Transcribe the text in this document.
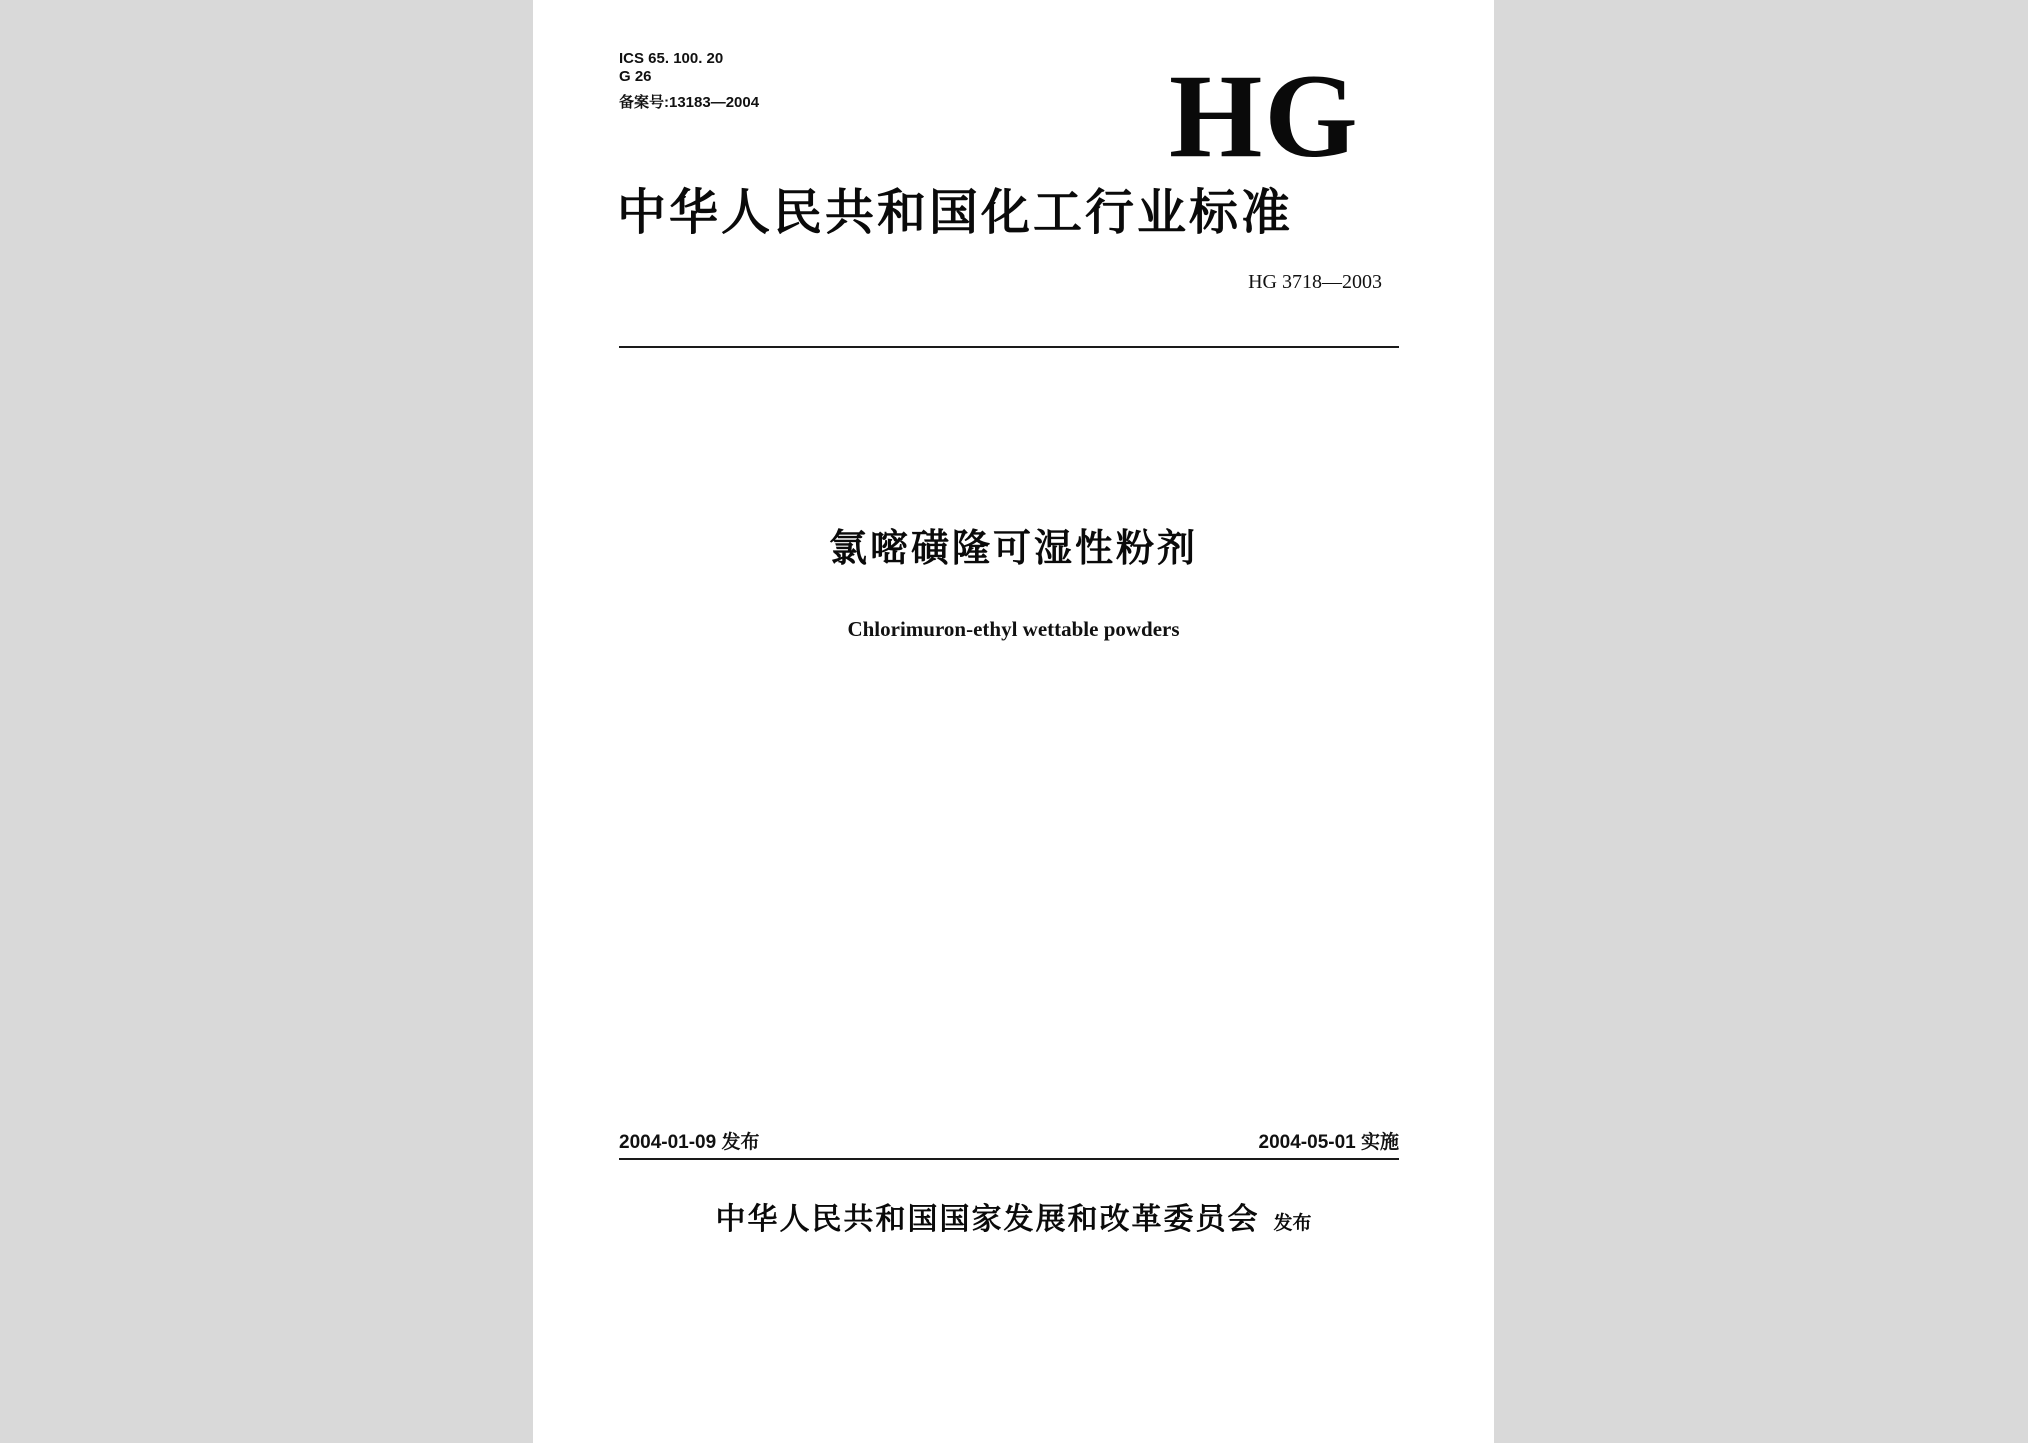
ICS 65. 100. 20
G 26
备案号:13183—2004	HG
中华人民共和国化工行业标准
HG 3718—2003
氯嘧磺隆可湿性粉剂
Chlorimuron-ethyl wettable powders
2004-01-09 发布	2004-05-01 实施
中华人民共和国国家发展和改革委员会 发布
